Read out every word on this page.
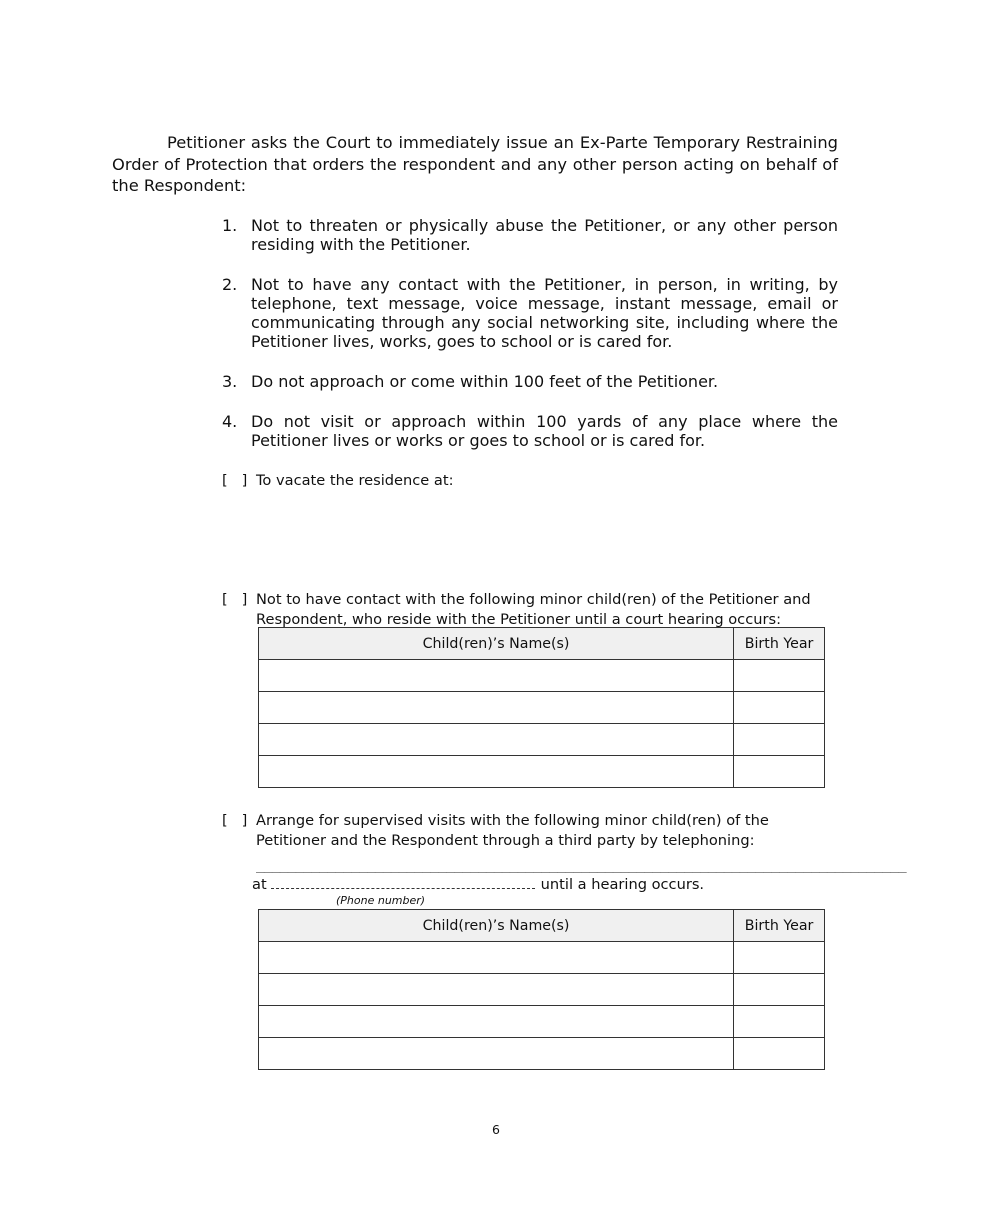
Petitioner asks the Court to immediately issue an Ex-Parte Temporary Restraining Order of Protection that orders the respondent and any other person acting on behalf of the Respondent:

1. Not to threaten or physically abuse the Petitioner, or any other person residing with the Petitioner.
2. Not to have any contact with the Petitioner, in person, in writing, by telephone, text message, voice message, instant message, email or communicating through any social networking site, including where the Petitioner lives, works, goes to school or is cared for.
3. Do not approach or come within 100 feet of the Petitioner.
4. Do not visit or approach within 100 yards of any place where the Petitioner lives or works or goes to school or is cared for.
[   ] To vacate the residence at:
[   ] Not to have contact with the following minor child(ren) of the Petitioner and Respondent, who reside with the Petitioner until a court hearing occurs:
Child(ren)’s Name(s)	Birth Year

[   ] Arrange for supervised visits with the following minor child(ren) of the Petitioner and the Respondent through a third party by telephoning:
__________________________________________________________________________________
at	until a hearing occurs.
(Phone number)
Child(ren)’s Name(s)	Birth Year

6
